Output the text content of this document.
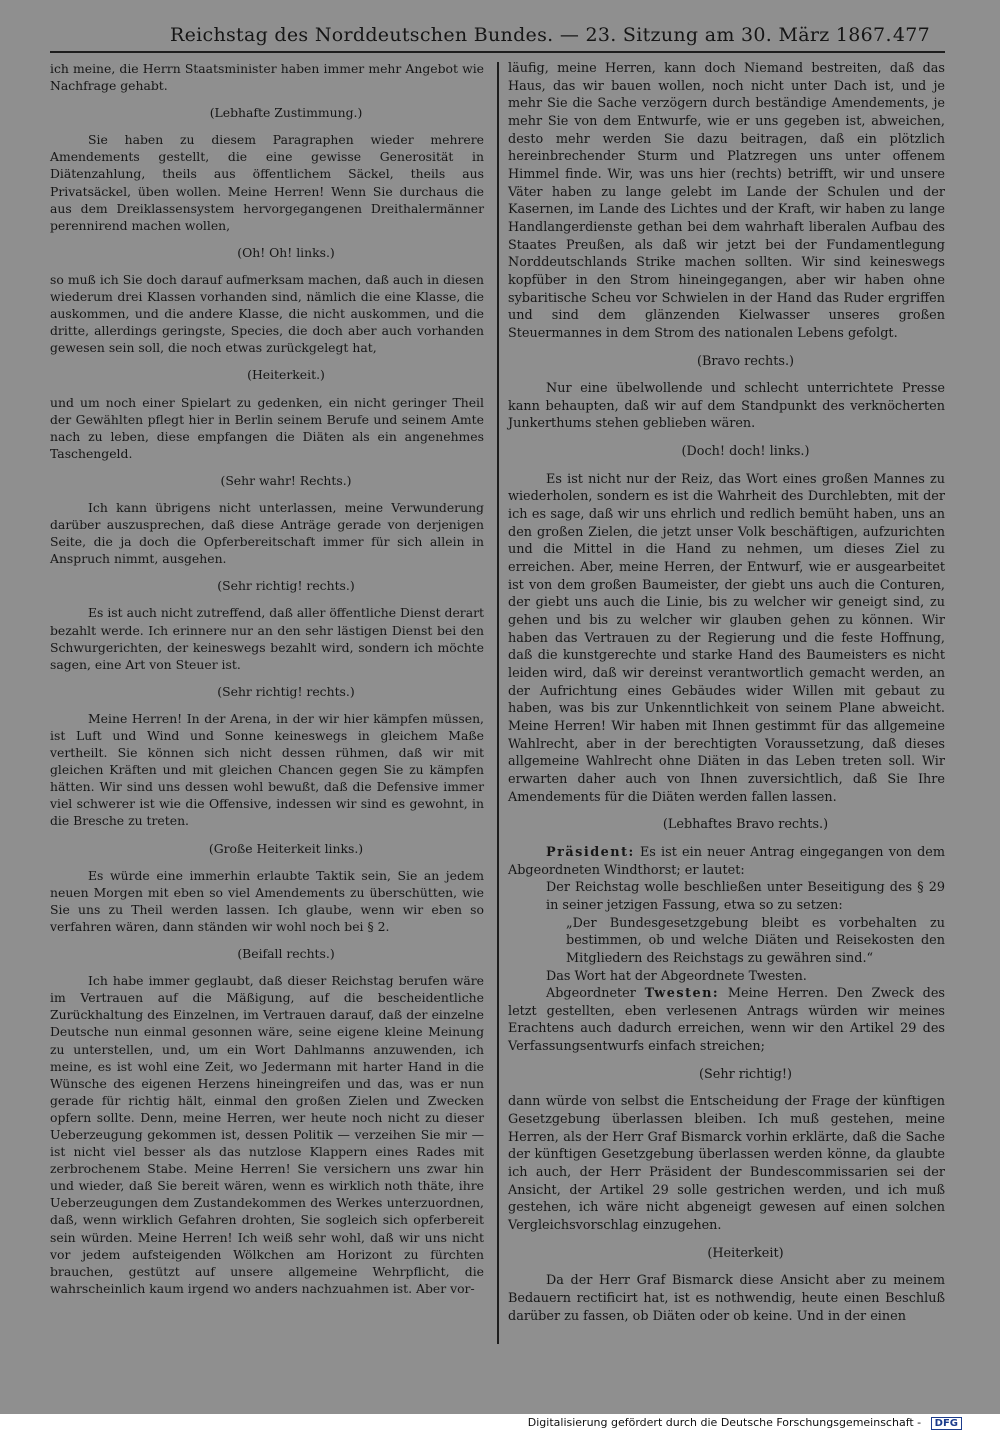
Reichstag des Norddeutschen Bundes. — 23. Sitzung am 30. März 1867. 477

ich meine, die Herrn Staatsminister haben immer mehr Angebot wie Nachfrage gehabt.

(Lebhafte Zustimmung.)

Sie haben zu diesem Paragraphen wieder mehrere Amendements gestellt, die eine gewisse Generosität in Diätenzahlung, theils aus öffentlichem Säckel, theils aus Privatsäckel, üben wollen. Meine Herren! Wenn Sie durchaus die aus dem Dreiklassensystem hervorgegangenen Dreithalermänner perennirend machen wollen,

(Oh! Oh! links.)

so muß ich Sie doch darauf aufmerksam machen, daß auch in diesen wiederum drei Klassen vorhanden sind, nämlich die eine Klasse, die auskommen, und die andere Klasse, die nicht auskommen, und die dritte, allerdings geringste, Species, die doch aber auch vorhanden gewesen sein soll, die noch etwas zurückgelegt hat,

(Heiterkeit.)

und um noch einer Spielart zu gedenken, ein nicht geringer Theil der Gewählten pflegt hier in Berlin seinem Berufe und seinem Amte nach zu leben, diese empfangen die Diäten als ein angenehmes Taschengeld.

(Sehr wahr! Rechts.)

Ich kann übrigens nicht unterlassen, meine Verwunderung darüber auszusprechen, daß diese Anträge gerade von derjenigen Seite, die ja doch die Opferbereitschaft immer für sich allein in Anspruch nimmt, ausgehen.

(Sehr richtig! rechts.)

Es ist auch nicht zutreffend, daß aller öffentliche Dienst derart bezahlt werde. Ich erinnere nur an den sehr lästigen Dienst bei den Schwurgerichten, der keineswegs bezahlt wird, sondern ich möchte sagen, eine Art von Steuer ist.

(Sehr richtig! rechts.)

Meine Herren! In der Arena, in der wir hier kämpfen müssen, ist Luft und Wind und Sonne keineswegs in gleichem Maße vertheilt. Sie können sich nicht dessen rühmen, daß wir mit gleichen Kräften und mit gleichen Chancen gegen Sie zu kämpfen hätten. Wir sind uns dessen wohl bewußt, daß die Defensive immer viel schwerer ist wie die Offensive, indessen wir sind es gewohnt, in die Bresche zu treten.

(Große Heiterkeit links.)

Es würde eine immerhin erlaubte Taktik sein, Sie an jedem neuen Morgen mit eben so viel Amendements zu überschütten, wie Sie uns zu Theil werden lassen. Ich glaube, wenn wir eben so verfahren wären, dann ständen wir wohl noch bei § 2.

(Beifall rechts.)

Ich habe immer geglaubt, daß dieser Reichstag berufen wäre im Vertrauen auf die Mäßigung, auf die bescheidentliche Zurückhaltung des Einzelnen, im Vertrauen darauf, daß der einzelne Deutsche nun einmal gesonnen wäre, seine eigene kleine Meinung zu unterstellen, und, um ein Wort Dahlmanns anzuwenden, ich meine, es ist wohl eine Zeit, wo Jedermann mit harter Hand in die Wünsche des eigenen Herzens hineingreifen und das, was er nun gerade für richtig hält, einmal den großen Zielen und Zwecken opfern sollte. Denn, meine Herren, wer heute noch nicht zu dieser Ueberzeugung gekommen ist, dessen Politik — verzeihen Sie mir — ist nicht viel besser als das nutzlose Klappern eines Rades mit zerbrochenem Stabe. Meine Herren! Sie versichern uns zwar hin und wieder, daß Sie bereit wären, wenn es wirklich noth thäte, ihre Ueberzeugungen dem Zustandekommen des Werkes unterzuordnen, daß, wenn wirklich Gefahren drohten, Sie sogleich sich opferbereit sein würden. Meine Herren! Ich weiß sehr wohl, daß wir uns nicht vor jedem aufsteigenden Wölkchen am Horizont zu fürchten brauchen, gestützt auf unsere allgemeine Wehrpflicht, die wahrscheinlich kaum irgend wo anders nachzuahmen ist. Aber vor-

läufig, meine Herren, kann doch Niemand bestreiten, daß das Haus, das wir bauen wollen, noch nicht unter Dach ist, und je mehr Sie die Sache verzögern durch beständige Amendements, je mehr Sie von dem Entwurfe, wie er uns gegeben ist, abweichen, desto mehr werden Sie dazu beitragen, daß ein plötzlich hereinbrechender Sturm und Platzregen uns unter offenem Himmel finde. Wir, was uns hier (rechts) betrifft, wir und unsere Väter haben zu lange gelebt im Lande der Schulen und der Kasernen, im Lande des Lichtes und der Kraft, wir haben zu lange Handlangerdienste gethan bei dem wahrhaft liberalen Aufbau des Staates Preußen, als daß wir jetzt bei der Fundamentlegung Norddeutschlands Strike machen sollten. Wir sind keineswegs kopfüber in den Strom hineingegangen, aber wir haben ohne sybaritische Scheu vor Schwielen in der Hand das Ruder ergriffen und sind dem glänzenden Kielwasser unseres großen Steuermannes in dem Strom des nationalen Lebens gefolgt.

(Bravo rechts.)

Nur eine übelwollende und schlecht unterrichtete Presse kann behaupten, daß wir auf dem Standpunkt des verknöcherten Junkerthums stehen geblieben wären.

(Doch! doch! links.)

Es ist nicht nur der Reiz, das Wort eines großen Mannes zu wiederholen, sondern es ist die Wahrheit des Durchlebten, mit der ich es sage, daß wir uns ehrlich und redlich bemüht haben, uns an den großen Zielen, die jetzt unser Volk beschäftigen, aufzurichten und die Mittel in die Hand zu nehmen, um dieses Ziel zu erreichen. Aber, meine Herren, der Entwurf, wie er ausgearbeitet ist von dem großen Baumeister, der giebt uns auch die Conturen, der giebt uns auch die Linie, bis zu welcher wir geneigt sind, zu gehen und bis zu welcher wir glauben gehen zu können. Wir haben das Vertrauen zu der Regierung und die feste Hoffnung, daß die kunstgerechte und starke Hand des Baumeisters es nicht leiden wird, daß wir dereinst verantwortlich gemacht werden, an der Aufrichtung eines Gebäudes wider Willen mit gebaut zu haben, was bis zur Unkenntlichkeit von seinem Plane abweicht. Meine Herren! Wir haben mit Ihnen gestimmt für das allgemeine Wahlrecht, aber in der berechtigten Voraussetzung, daß dieses allgemeine Wahlrecht ohne Diäten in das Leben treten soll. Wir erwarten daher auch von Ihnen zuversichtlich, daß Sie Ihre Amendements für die Diäten werden fallen lassen.

(Lebhaftes Bravo rechts.)

Präsident: Es ist ein neuer Antrag eingegangen von dem Abgeordneten Windthorst; er lautet:

Der Reichstag wolle beschließen unter Beseitigung des § 29 in seiner jetzigen Fassung, etwa so zu setzen:

„Der Bundesgesetzgebung bleibt es vorbehalten zu bestimmen, ob und welche Diäten und Reisekosten den Mitgliedern des Reichstags zu gewähren sind.“

Das Wort hat der Abgeordnete Twesten.

Abgeordneter Twesten: Meine Herren. Den Zweck des letzt gestellten, eben verlesenen Antrags würden wir meines Erachtens auch dadurch erreichen, wenn wir den Artikel 29 des Verfassungsentwurfs einfach streichen;

(Sehr richtig!)

dann würde von selbst die Entscheidung der Frage der künftigen Gesetzgebung überlassen bleiben. Ich muß gestehen, meine Herren, als der Herr Graf Bismarck vorhin erklärte, daß die Sache der künftigen Gesetzgebung überlassen werden könne, da glaubte ich auch, der Herr Präsident der Bundescommissarien sei der Ansicht, der Artikel 29 solle gestrichen werden, und ich muß gestehen, ich wäre nicht abgeneigt gewesen auf einen solchen Vergleichsvorschlag einzugehen.

(Heiterkeit)

Da der Herr Graf Bismarck diese Ansicht aber zu meinem Bedauern rectificirt hat, ist es nothwendig, heute einen Beschluß darüber zu fassen, ob Diäten oder ob keine. Und in der einen

Digitalisierung gefördert durch die Deutsche Forschungsgemeinschaft - DFG
